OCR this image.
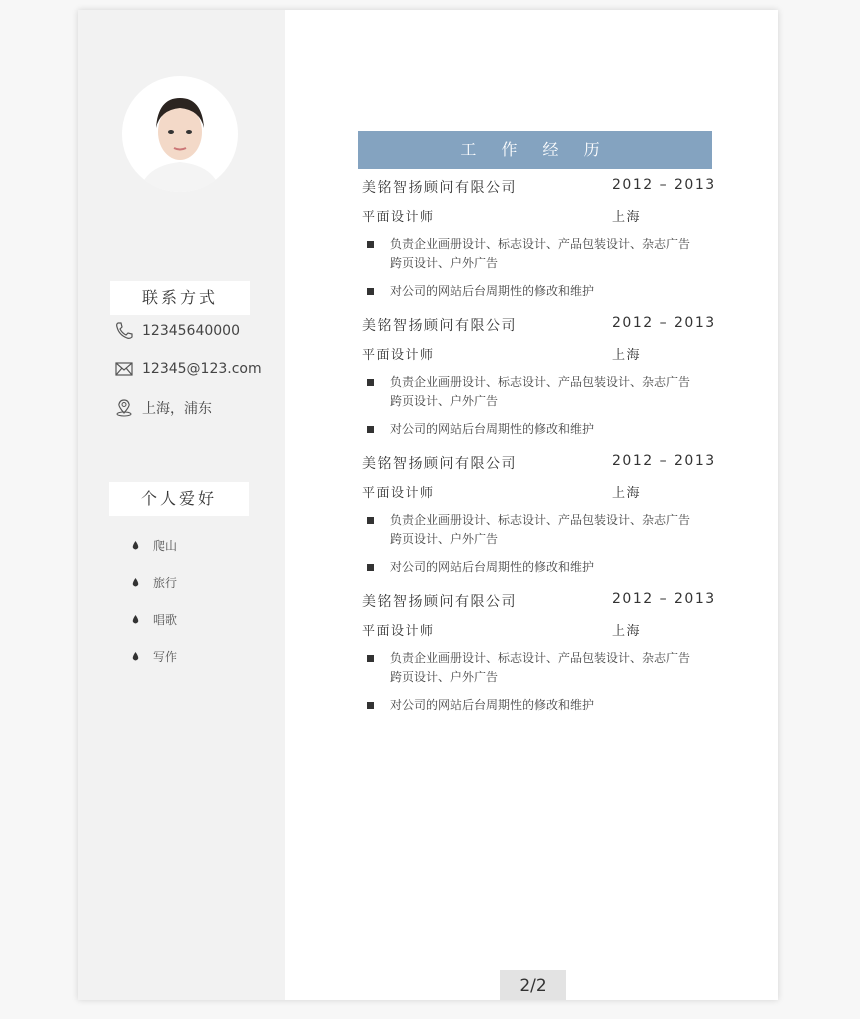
联系方式
12345640000
12345@123.com
上海，浦东
个人爱好
爬山
旅行
唱歌
写作
工 作 经 历
美铭智扬顾问有限公司	2012 – 2013
平面设计师	上海
负责企业画册设计、标志设计、产品包装设计、杂志广告跨页设计、户外广告
对公司的网站后台周期性的修改和维护
美铭智扬顾问有限公司	2012 – 2013
平面设计师	上海
负责企业画册设计、标志设计、产品包装设计、杂志广告跨页设计、户外广告
对公司的网站后台周期性的修改和维护
美铭智扬顾问有限公司	2012 – 2013
平面设计师	上海
负责企业画册设计、标志设计、产品包装设计、杂志广告跨页设计、户外广告
对公司的网站后台周期性的修改和维护
美铭智扬顾问有限公司	2012 – 2013
平面设计师	上海
负责企业画册设计、标志设计、产品包装设计、杂志广告跨页设计、户外广告
对公司的网站后台周期性的修改和维护
2/2
